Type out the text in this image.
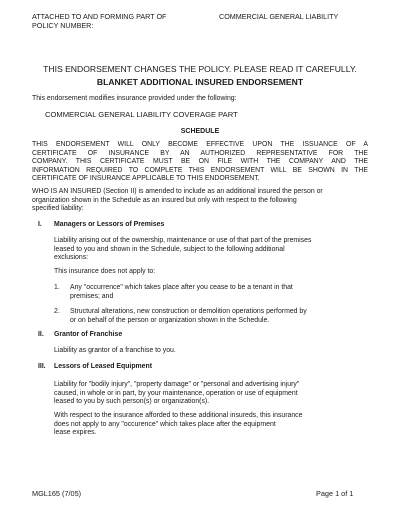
ATTACHED TO AND FORMING PART OF
POLICY NUMBER:
COMMERCIAL GENERAL LIABILITY
THIS ENDORSEMENT CHANGES THE POLICY. PLEASE READ IT CAREFULLY.
BLANKET ADDITIONAL INSURED ENDORSEMENT
This endorsement modifies insurance provided under the following:
COMMERCIAL GENERAL LIABILITY COVERAGE PART
SCHEDULE
THIS ENDORSEMENT WILL ONLY BECOME EFFECTIVE UPON THE ISSUANCE OF A
CERTIFICATE OF INSURANCE BY AN AUTHORIZED REPRESENTATIVE FOR THE
COMPANY. THIS CERTIFICATE MUST BE ON FILE WITH THE COMPANY AND THE
INFORMATION REQUIRED TO COMPLETE THIS ENDORSEMENT WILL BE SHOWN IN THE
CERTIFICATE OF INSURANCE APPLICABLE TO THIS ENDORSEMENT.
WHO IS AN INSURED (Section II) is amended to include as an additional insured the person or
organization shown in the Schedule as an insured but only with respect to the following
specified liability:
I. Managers or Lessors of Premises
Liability arising out of the ownership, maintenance or use of that part of the premises
leased to you and shown in the Schedule, subject to the following additional
exclusions:
This insurance does not apply to:
1. Any "occurrence" which takes place after you cease to be a tenant in that
premises; and
2. Structural alterations, new construction or demolition operations performed by
or on behalf of the person or organization shown in the Schedule.
II. Grantor of Franchise
Liability as grantor of a franchise to you.
III. Lessors of Leased Equipment
Liability for "bodily injury", "property damage" or "personal and advertising injury"
caused, in whole or in part, by your maintenance, operation or use of equipment
leased to you by such person(s) or organization(s).
With respect to the insurance afforded to these additional insureds, this insurance
does not apply to any "occurence" which takes place after the equipment
lease expires.
MGL165 (7/05)	Page 1 of 1
